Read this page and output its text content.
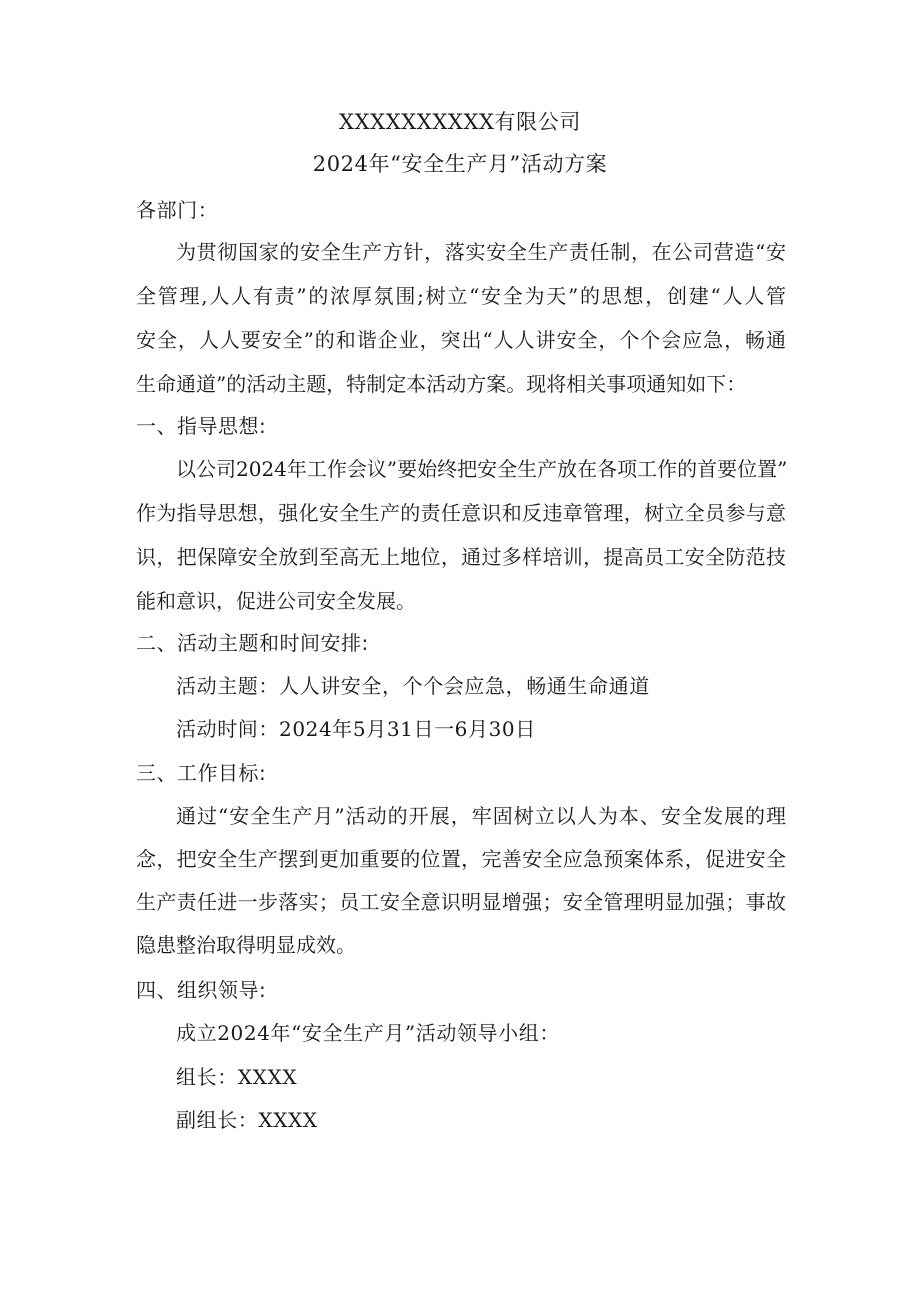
XXXXXXXXXX有限公司
2024年“安全生产月”活动方案
各部门：
为贯彻国家的安全生产方针，落实安全生产责任制，在公司营造“安
全管理,人人有责”的浓厚氛围;树立“安全为天”的思想，创建“人人管
安全，人人要安全”的和谐企业，突出“人人讲安全，个个会应急，畅通
生命通道”的活动主题，特制定本活动方案。现将相关事项通知如下：
一、指导思想:
以公司2024年工作会议”要始终把安全生产放在各项工作的首要位置”
作为指导思想，强化安全生产的责任意识和反违章管理，树立全员参与意
识，把保障安全放到至高无上地位，通过多样培训，提高员工安全防范技
能和意识，促进公司安全发展。
二、活动主题和时间安排:
活动主题：人人讲安全，个个会应急，畅通生命通道
活动时间：2024年5月31日一6月30日
三、工作目标:
通过“安全生产月”活动的开展，牢固树立以人为本、安全发展的理
念，把安全生产摆到更加重要的位置，完善安全应急预案体系，促进安全
生产责任进一步落实；员工安全意识明显增强；安全管理明显加强；事故
隐患整治取得明显成效。
四、组织领导:
成立2024年“安全生产月”活动领导小组：
组长：XXXX
副组长：XXXX
